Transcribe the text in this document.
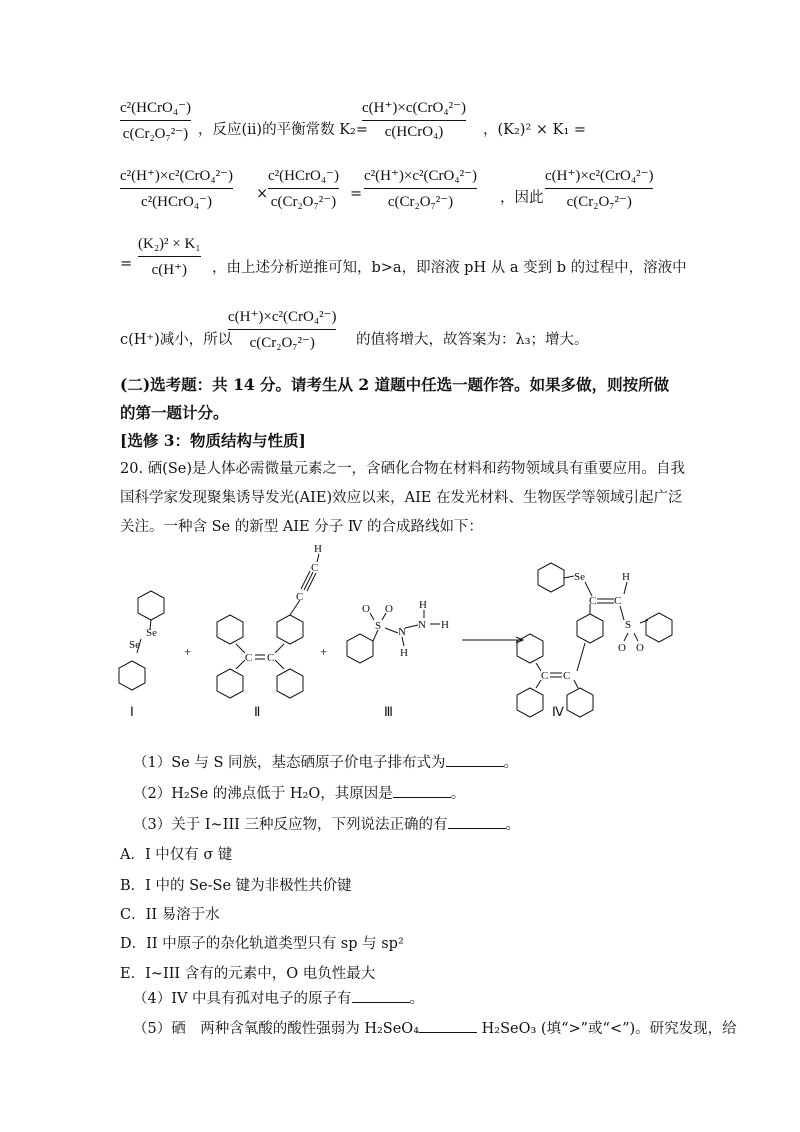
c²(HCrO₄⁻)
c(Cr₂O₇²⁻) ，反应(ii)的平衡常数 K₂=
c(H⁺)×c(CrO₄²⁻)
c(HCrO₄)	，(K₂)² × K₁ =
c²(H⁺)×c²(CrO₄²⁻)
c²(HCrO₄⁻)	×
c²(HCrO₄⁻)
c(Cr₂O₇²⁻) =
c²(H⁺)×c²(CrO₄²⁻)
c(Cr₂O₇²⁻)	，因此
c(H⁺)×c²(CrO₄²⁻)
c(Cr₂O₇²⁻)
=
(K₂)² × K₁
c(H⁺) ，由上述分析逆推可知，b>a，即溶液 pH 从 a 变到 b 的过程中，溶液中
c(H⁺)减小，所以
c(H⁺)×c²(CrO₄²⁻)
c(Cr₂O₇²⁻)	的值将增大，故答案为：λ₃；增大。
(二)选考题：共 14 分。请考生从 2 道题中任选一题作答。如果多做，则按所做
的第一题计分。
[选修 3：物质结构与性质]
20. 硒(Se)是人体必需微量元素之一，含硒化合物在材料和药物领域具有重要应用。自我
国科学家发现聚集诱导发光(AIE)效应以来，AIE 在发光材料、生物医学等领域引起广泛
关注。一种含 Se 的新型 AIE 分子 Ⅳ 的合成路线如下：
Se
Se
C C
C
C
H
S
O O
N
N
H
H
H
Se
C C
H
S
O O
C C
+	+
Ⅰ	Ⅱ	Ⅲ	Ⅳ
（1）Se 与 S 同族，基态硒原子价电子排布式为	。
（2）H₂Se 的沸点低于 H₂O，其原因是	。
（3）关于 I~III 三种反应物，下列说法正确的有	。
A．I 中仅有 σ 键
B．I 中的 Se-Se 键为非极性共价键
C．II 易溶于水
D．II 中原子的杂化轨道类型只有 sp 与 sp²
E．I~III 含有的元素中，O 电负性最大
（4）IV 中具有孤对电子的原子有	。
（5）硒　两种含氧酸的酸性强弱为 H₂SeO₄	H₂SeO₃ (填“>”或“<”)。研究发现，给
